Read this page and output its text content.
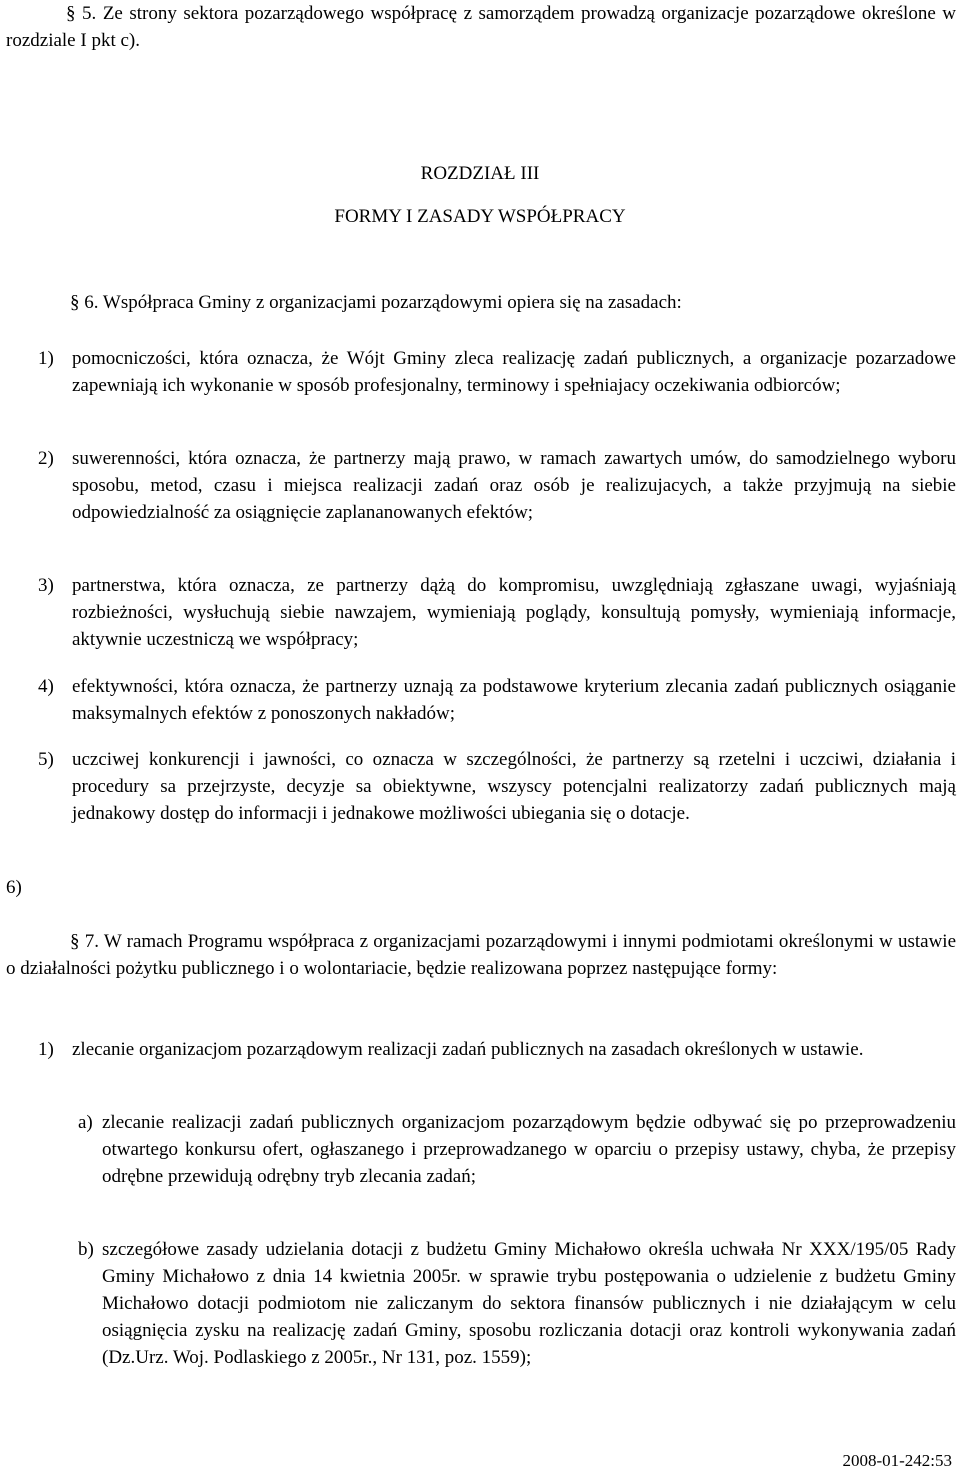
§ 5. Ze strony sektora pozarządowego współpracę z samorządem prowadzą organizacje pozarządowe określone w rozdziale I pkt c).
ROZDZIAŁ III
FORMY I ZASADY WSPÓŁPRACY
§ 6. Współpraca Gminy z organizacjami pozarządowymi opiera się na zasadach:
1) pomocniczości, która oznacza, że Wójt Gminy zleca realizację zadań publicznych, a organizacje pozarzadowe zapewniają ich wykonanie w sposób profesjonalny, terminowy i spełniajacy oczekiwania odbiorców;
2) suwerenności, która oznacza, że partnerzy mają prawo, w ramach zawartych umów, do samodzielnego wyboru sposobu, metod, czasu i miejsca realizacji zadań oraz osób je realizujacych, a także przyjmują na siebie odpowiedzialność za osiągnięcie zaplananowanych efektów;
3) partnerstwa, która oznacza, ze partnerzy dążą do kompromisu, uwzględniają zgłaszane uwagi, wyjaśniają rozbieżności, wysłuchują siebie nawzajem, wymieniają poglądy, konsultują pomysły, wymieniają informacje, aktywnie uczestniczą we współpracy;
4) efektywności, która oznacza, że partnerzy uznają za podstawowe kryterium zlecania zadań publicznych osiąganie maksymalnych efektów z ponoszonych nakładów;
5) uczciwej konkurencji i jawności, co oznacza w szczególności, że partnerzy są rzetelni i uczciwi, działania i procedury sa przejrzyste, decyzje sa obiektywne, wszyscy potencjalni realizatorzy zadań publicznych mają jednakowy dostęp do informacji i jednakowe możliwości ubiegania się o dotacje.
6)
§ 7. W ramach Programu współpraca z organizacjami pozarządowymi i innymi podmiotami określonymi w ustawie o działalności pożytku publicznego i o wolontariacie, będzie realizowana poprzez następujące formy:
1) zlecanie organizacjom pozarządowym realizacji zadań publicznych na zasadach określonych w ustawie.
a) zlecanie realizacji zadań publicznych organizacjom pozarządowym będzie odbywać się po przeprowadzeniu otwartego konkursu ofert, ogłaszanego i przeprowadzanego w oparciu o przepisy ustawy, chyba, że przepisy odrębne przewidują odrębny tryb zlecania zadań;
b) szczegółowe zasady udzielania dotacji z budżetu Gminy Michałowo określa uchwała Nr XXX/195/05 Rady Gminy Michałowo z dnia 14 kwietnia 2005r. w sprawie trybu postępowania o udzielenie z budżetu Gminy Michałowo dotacji podmiotom nie zaliczanym do sektora finansów publicznych i nie działającym w celu osiągnięcia zysku na realizację zadań Gminy, sposobu rozliczania dotacji oraz kontroli wykonywania zadań (Dz.Urz. Woj. Podlaskiego z 2005r., Nr 131, poz. 1559);
2008-01-242:53
